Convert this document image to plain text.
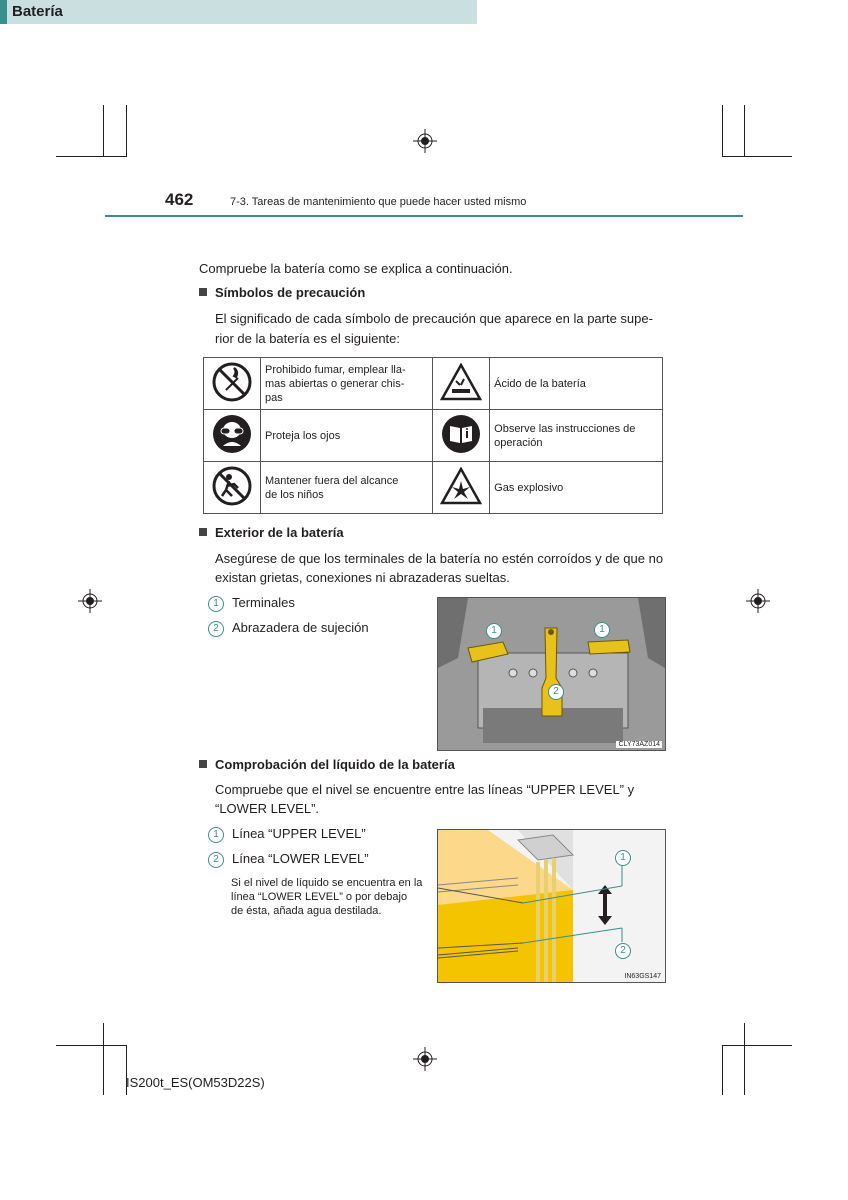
462	7-3. Tareas de mantenimiento que puede hacer usted mismo
Batería
Compruebe la batería como se explica a continuación.
Símbolos de precaución
El significado de cada símbolo de precaución que aparece en la parte supe-
rior de la batería es el siguiente:

Prohibido fumar, emplear lla-
mas abiertas o generar chis-
pas		Ácido de la batería

Proteja los ojos		Observe las instrucciones de
operación

Mantener fuera del alcance
de los niños		Gas explosivo
Exterior de la batería
Asegúrese de que los terminales de la batería no estén corroídos y de que no
existan grietas, conexiones ni abrazaderas sueltas.
1 Terminales
2 Abrazadera de sujeción	1	1
2
CLY73AZ014
Comprobación del líquido de la batería
Compruebe que el nivel se encuentre entre las líneas “UPPER LEVEL” y
“LOWER LEVEL”.
1 Línea “UPPER LEVEL”
2 Línea “LOWER LEVEL”
Si el nivel de líquido se encuentra en la
línea “LOWER LEVEL” o por debajo
de ésta, añada agua destilada.
1
2
IN63GS147
IS200t_ES(OM53D22S)
